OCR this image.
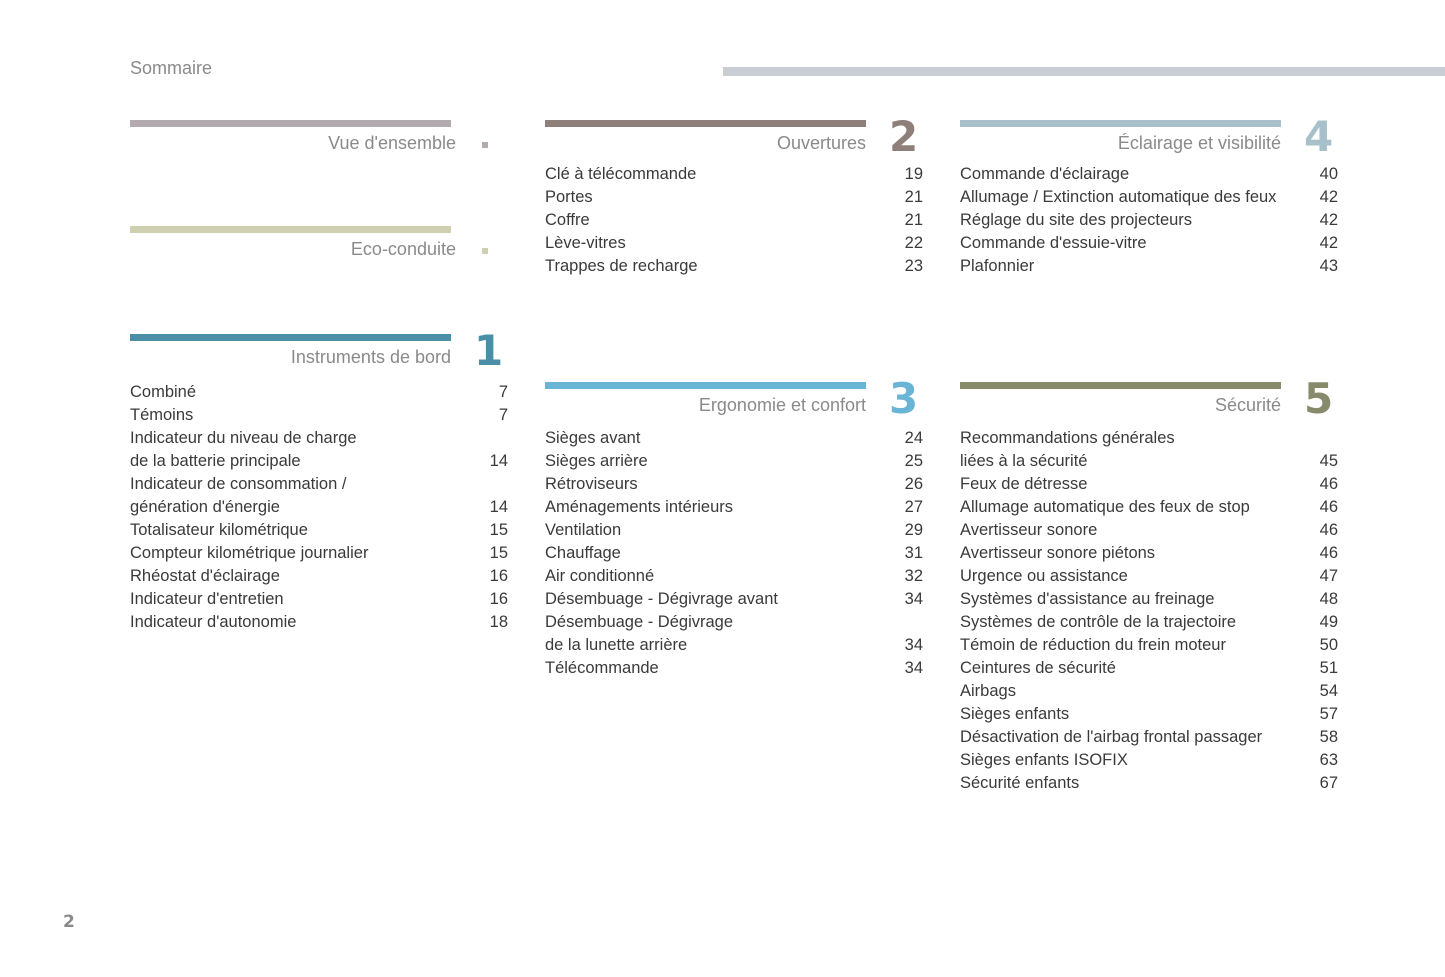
Sommaire
Vue d'ensemble
Eco-conduite
Instruments de bord 1
Combiné	7
Témoins	7
Indicateur du niveau de charge
de la batterie principale	14
Indicateur de consommation /
génération d'énergie	14
Totalisateur kilométrique	15
Compteur kilométrique journalier	15
Rhéostat d'éclairage	16
Indicateur d'entretien	16
Indicateur d'autonomie	18
Ouvertures 2
Clé à télécommande	19
Portes	21
Coffre	21
Lève-vitres	22
Trappes de recharge	23
Ergonomie et confort 3
Sièges avant	24
Sièges arrière	25
Rétroviseurs	26
Aménagements intérieurs	27
Ventilation	29
Chauffage	31
Air conditionné	32
Désembuage - Dégivrage avant	34
Désembuage - Dégivrage
de la lunette arrière	34
Télécommande	34
Éclairage et visibilité 4
Commande d'éclairage	40
Allumage / Extinction automatique des feux	42
Réglage du site des projecteurs	42
Commande d'essuie-vitre	42
Plafonnier	43
Sécurité 5
Recommandations générales
liées à la sécurité	45
Feux de détresse	46
Allumage automatique des feux de stop	46
Avertisseur sonore	46
Avertisseur sonore piétons	46
Urgence ou assistance	47
Systèmes d'assistance au freinage	48
Systèmes de contrôle de la trajectoire	49
Témoin de réduction du frein moteur	50
Ceintures de sécurité	51
Airbags	54
Sièges enfants	57
Désactivation de l'airbag frontal passager	58
Sièges enfants ISOFIX	63
Sécurité enfants	67
2
